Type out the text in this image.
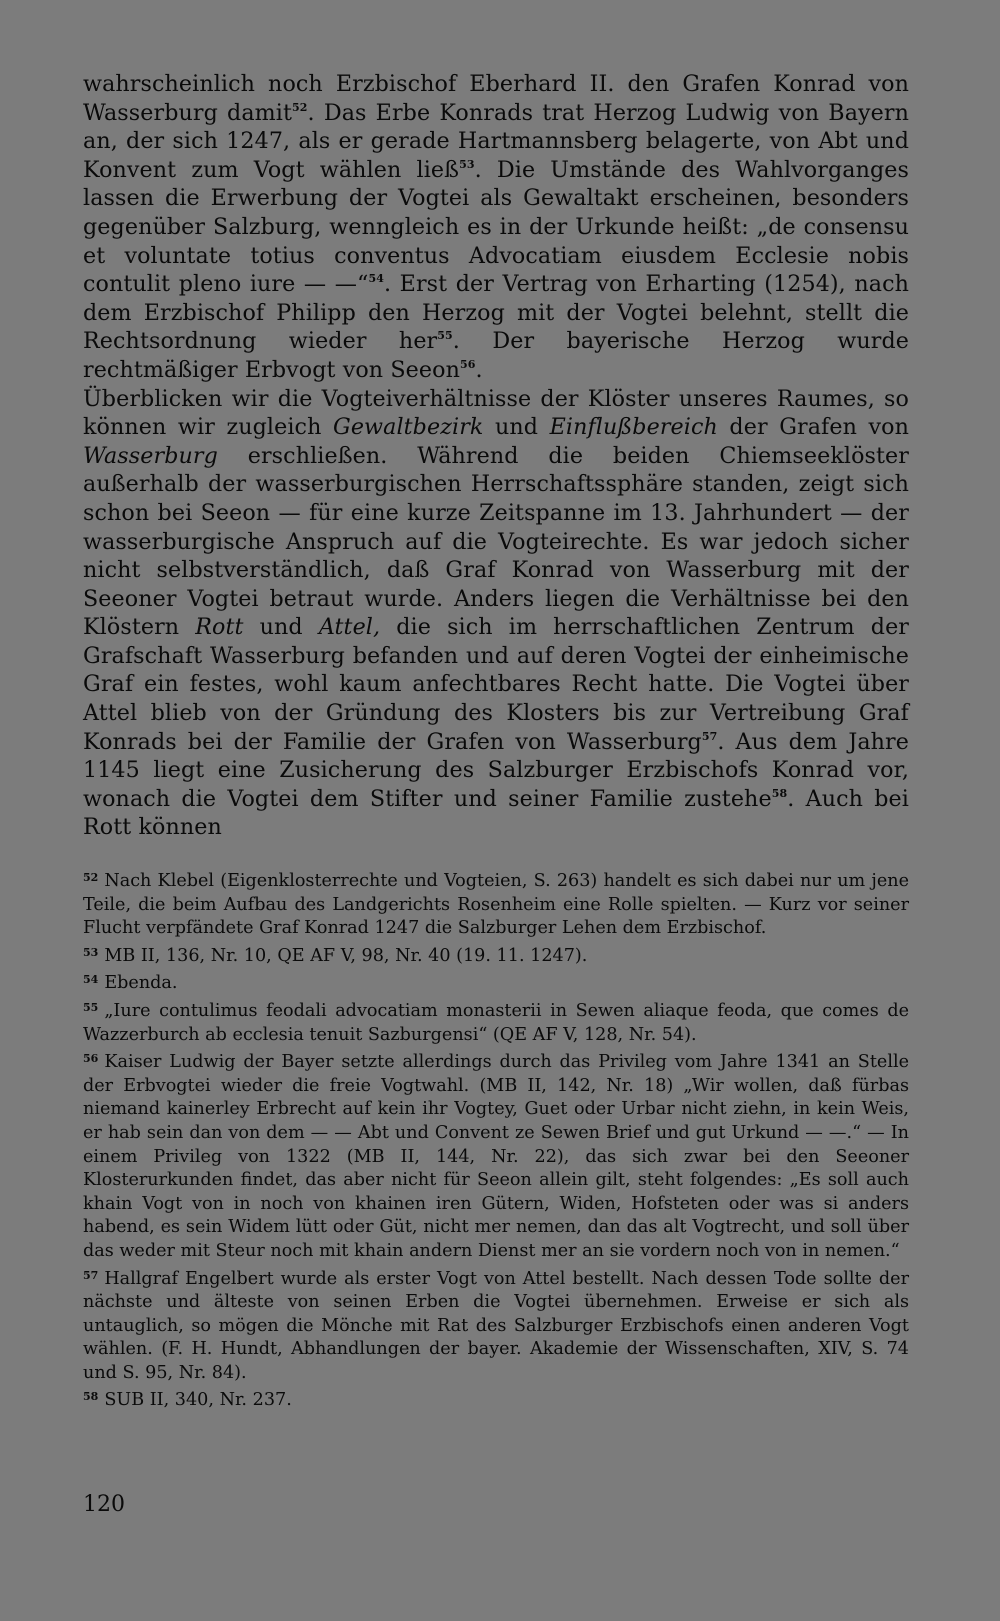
wahrscheinlich noch Erzbischof Eberhard II. den Grafen Konrad von Wasserburg damit$^{52}$. Das Erbe Konrads trat Herzog Ludwig von Bayern an, der sich 1247, als er gerade Hartmannsberg belagerte, von Abt und Konvent zum Vogt wählen ließ$^{53}$. Die Umstände des Wahlvorganges lassen die Erwerbung der Vogtei als Gewaltakt erscheinen, besonders gegenüber Salzburg, wenngleich es in der Urkunde heißt: „de consensu et voluntate totius conventus Advocatiam eiusdem Ecclesie nobis contulit pleno iure — —“$^{54}$. Erst der Vertrag von Erharting (1254), nach dem Erzbischof Philipp den Herzog mit der Vogtei belehnt, stellt die Rechtsordnung wieder her$^{55}$. Der bayerische Herzog wurde rechtmäßiger Erbvogt von Seeon$^{56}$.

Überblicken wir die Vogteiverhältnisse der Klöster unseres Raumes, so können wir zugleich Gewaltbezirk und Einflußbereich der Grafen von Wasserburg erschließen. Während die beiden Chiemseeklöster außerhalb der wasserburgischen Herrschaftssphäre standen, zeigt sich schon bei Seeon — für eine kurze Zeitspanne im 13. Jahrhundert — der wasserburgische Anspruch auf die Vogteirechte. Es war jedoch sicher nicht selbstverständlich, daß Graf Konrad von Wasserburg mit der Seeoner Vogtei betraut wurde. Anders liegen die Verhältnisse bei den Klöstern Rott und Attel, die sich im herrschaftlichen Zentrum der Grafschaft Wasserburg befanden und auf deren Vogtei der einheimische Graf ein festes, wohl kaum anfechtbares Recht hatte. Die Vogtei über Attel blieb von der Gründung des Klosters bis zur Vertreibung Graf Konrads bei der Familie der Grafen von Wasserburg$^{57}$. Aus dem Jahre 1145 liegt eine Zusicherung des Salzburger Erzbischofs Konrad vor, wonach die Vogtei dem Stifter und seiner Familie zustehe$^{58}$. Auch bei Rott können

$^{52}$ Nach Klebel (Eigenklosterrechte und Vogteien, S. 263) handelt es sich dabei nur um jene Teile, die beim Aufbau des Landgerichts Rosenheim eine Rolle spielten. — Kurz vor seiner Flucht verpfändete Graf Konrad 1247 die Salzburger Lehen dem Erzbischof.

$^{53}$ MB II, 136, Nr. 10, QE AF V, 98, Nr. 40 (19. 11. 1247).

$^{54}$ Ebenda.

$^{55}$ „Iure contulimus feodali advocatiam monasterii in Sewen aliaque feoda, que comes de Wazzerburch ab ecclesia tenuit Sazburgensi“ (QE AF V, 128, Nr. 54).

$^{56}$ Kaiser Ludwig der Bayer setzte allerdings durch das Privileg vom Jahre 1341 an Stelle der Erbvogtei wieder die freie Vogtwahl. (MB II, 142, Nr. 18) „Wir wollen, daß fürbas niemand kainerley Erbrecht auf kein ihr Vogtey, Guet oder Urbar nicht ziehn, in kein Weis, er hab sein dan von dem — — Abt und Convent ze Sewen Brief und gut Urkund — —.“ — In einem Privileg von 1322 (MB II, 144, Nr. 22), das sich zwar bei den Seeoner Klosterurkunden findet, das aber nicht für Seeon allein gilt, steht folgendes: „Es soll auch khain Vogt von in noch von khainen iren Gütern, Widen, Hofsteten oder was si anders habend, es sein Widem lütt oder Güt, nicht mer nemen, dan das alt Vogtrecht, und soll über das weder mit Steur noch mit khain andern Dienst mer an sie vordern noch von in nemen.“

$^{57}$ Hallgraf Engelbert wurde als erster Vogt von Attel bestellt. Nach dessen Tode sollte der nächste und älteste von seinen Erben die Vogtei übernehmen. Erweise er sich als untauglich, so mögen die Mönche mit Rat des Salzburger Erzbischofs einen anderen Vogt wählen. (F. H. Hundt, Abhandlungen der bayer. Akademie der Wissenschaften, XIV, S. 74 und S. 95, Nr. 84).

$^{58}$ SUB II, 340, Nr. 237.

120
